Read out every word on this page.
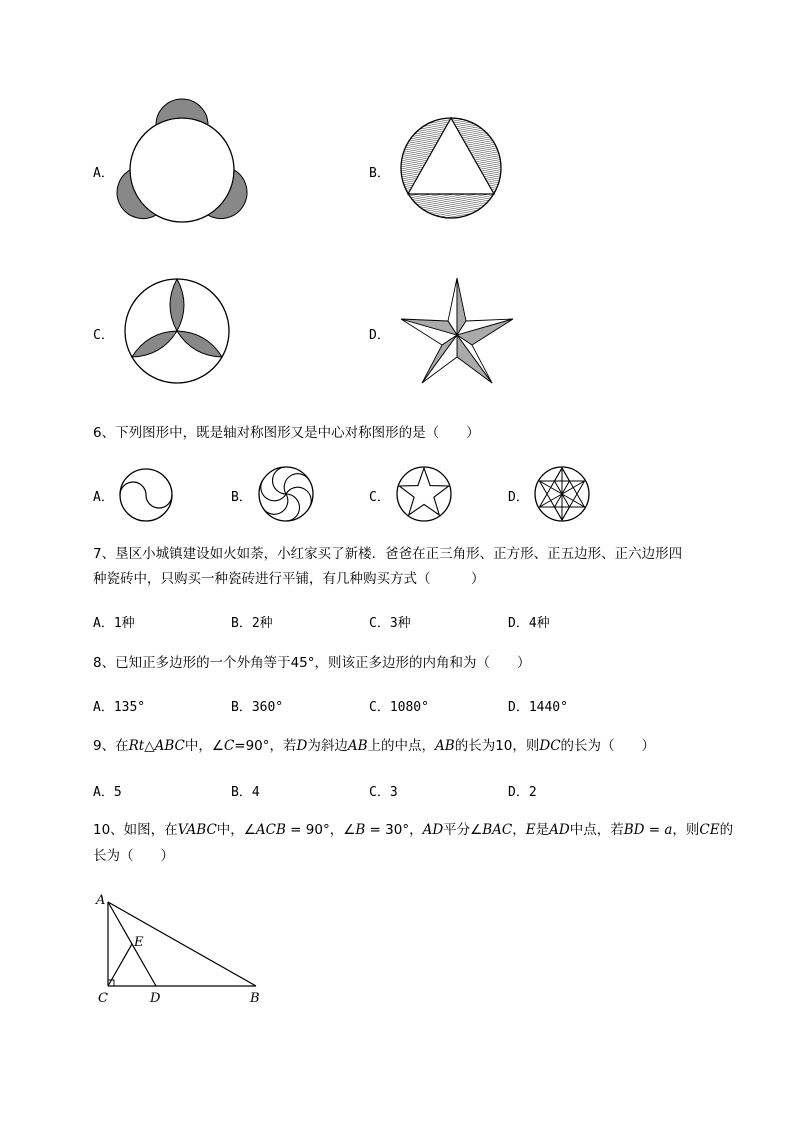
A．	B．
C．	D．
6、下列图形中，既是轴对称图形又是中心对称图形的是（　　）
A．	B．	C．	D．
7、垦区小城镇建设如火如荼，小红家买了新楼．爸爸在正三角形、正方形、正五边形、正六边形四
种瓷砖中，只购买一种瓷砖进行平铺，有几种购买方式（　　　）
A．1种	B．2种	C．3种	D．4种
8、已知正多边形的一个外角等于45°，则该正多边形的内角和为（　　）
A．135°	B．360°	C．1080°	D．1440°
9、在Rt△ABC中，∠C=90°，若D为斜边AB上的中点，AB的长为10，则DC的长为（　　）
A．5	B．4	C．3	D．2
10、如图，在VABC中，∠ACB = 90°，∠B = 30°，AD平分∠BAC，E是AD中点，若BD = a，则CE的
长为（　　）
A
E
C	D	B
